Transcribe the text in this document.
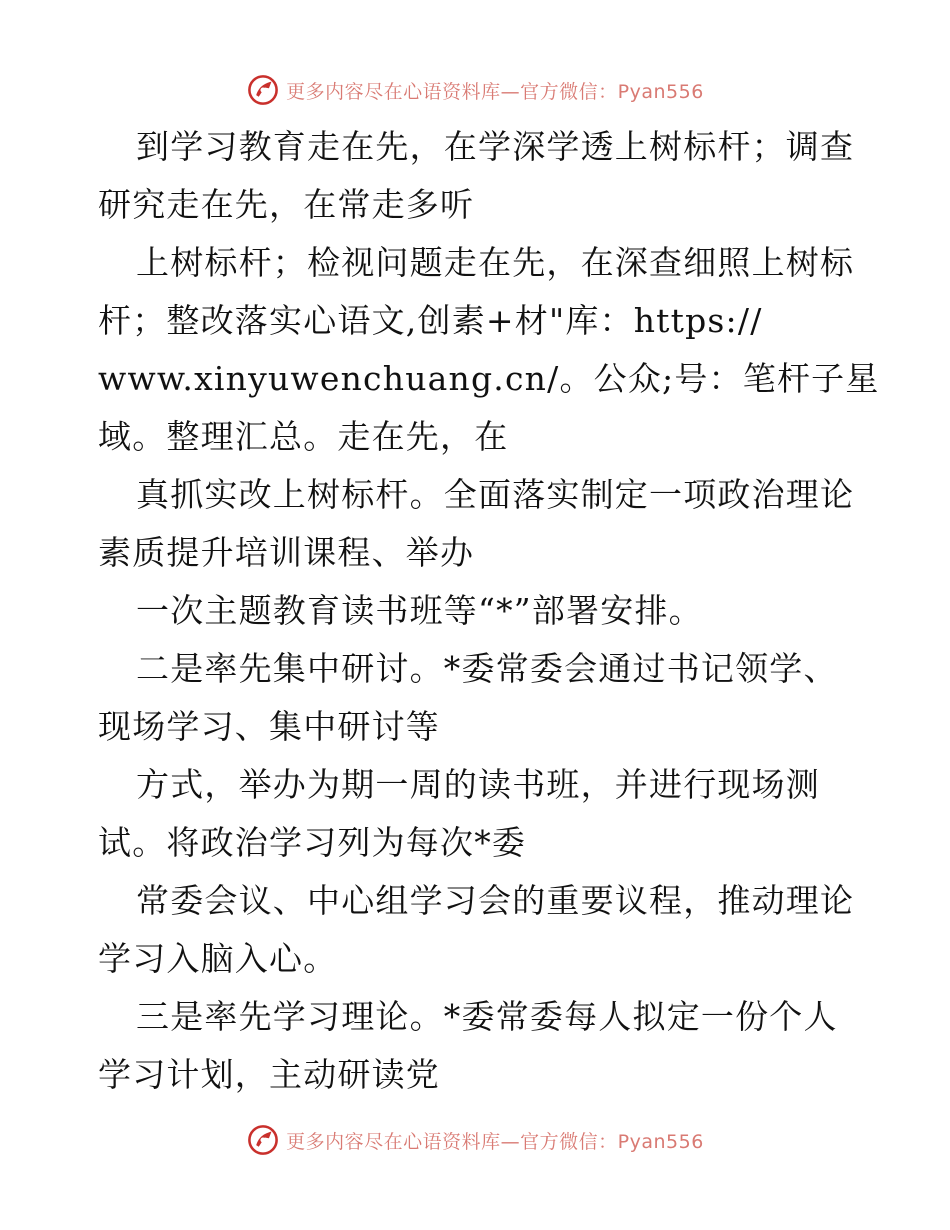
更多内容尽在心语资料库—官方微信：Pyan556
到学习教育走在先，在学深学透上树标杆；调查
研究走在先，在常走多听
上树标杆；检视问题走在先，在深查细照上树标
杆；整改落实心语文,创素+材"库：https://
www.xinyuwenchuang.cn/。公众;号：笔杆子星
域。整理汇总。走在先，在
真抓实改上树标杆。全面落实制定一项政治理论
素质提升培训课程、举办
一次主题教育读书班等“*”部署安排。
二是率先集中研讨。*委常委会通过书记领学、
现场学习、集中研讨等
方式，举办为期一周的读书班，并进行现场测
试。将政治学习列为每次*委
常委会议、中心组学习会的重要议程，推动理论
学习入脑入心。
三是率先学习理论。*委常委每人拟定一份个人
学习计划，主动研读党
更多内容尽在心语资料库—官方微信：Pyan556
